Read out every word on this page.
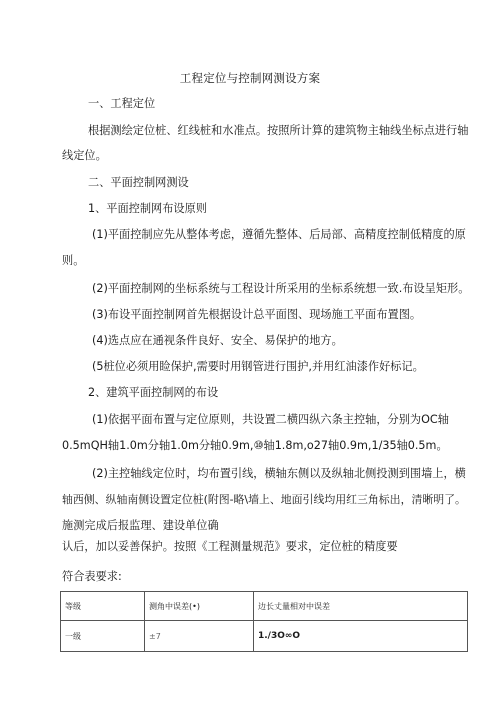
工程定位与控制网测设方案
一、工程定位
根据测绘定位桩、红线桩和水准点。按照所计算的建筑物主轴线坐标点进行轴
线定位。
二、平面控制网测设
1、平面控制网布设原则
(1)平面控制应先从整体考虑，遵循先整体、后局部、高精度控制低精度的原
则。
(2)平面控制网的坐标系统与工程设计所采用的坐标系统想一致.布设呈矩形。
(3)布设平面控制网首先根据设计总平面图、现场施工平面布置图。
(4)选点应在通视条件良好、安全、易保护的地方。
(5桩位必须用睑保护,需要时用钢管进行围护,并用红油漆作好标记。
2、建筑平面控制网的布设
(1)依据平面布置与定位原则，共设置二横四纵六条主控轴，分别为OC轴
0.5mQH轴1.0m分轴1.0m分轴0.9m,⑩轴1.8m,o27轴0.9m,1/35轴0.5m。
(2)主控轴线定位时，均布置引线，横轴东侧以及纵轴北侧投测到围墙上，横
轴西侧、纵轴南侧设置定位桩(附图-略\墙上、地面引线均用红三角标出，清晰明了。
施测完成后报监理、建设单位确
认后，加以妥善保护。按照《工程测量规范》要求，定位桩的精度要
符合表要求:
等级	测角中误差(•)	边长丈量相对中误差
一级	±7	1./3O∞O
